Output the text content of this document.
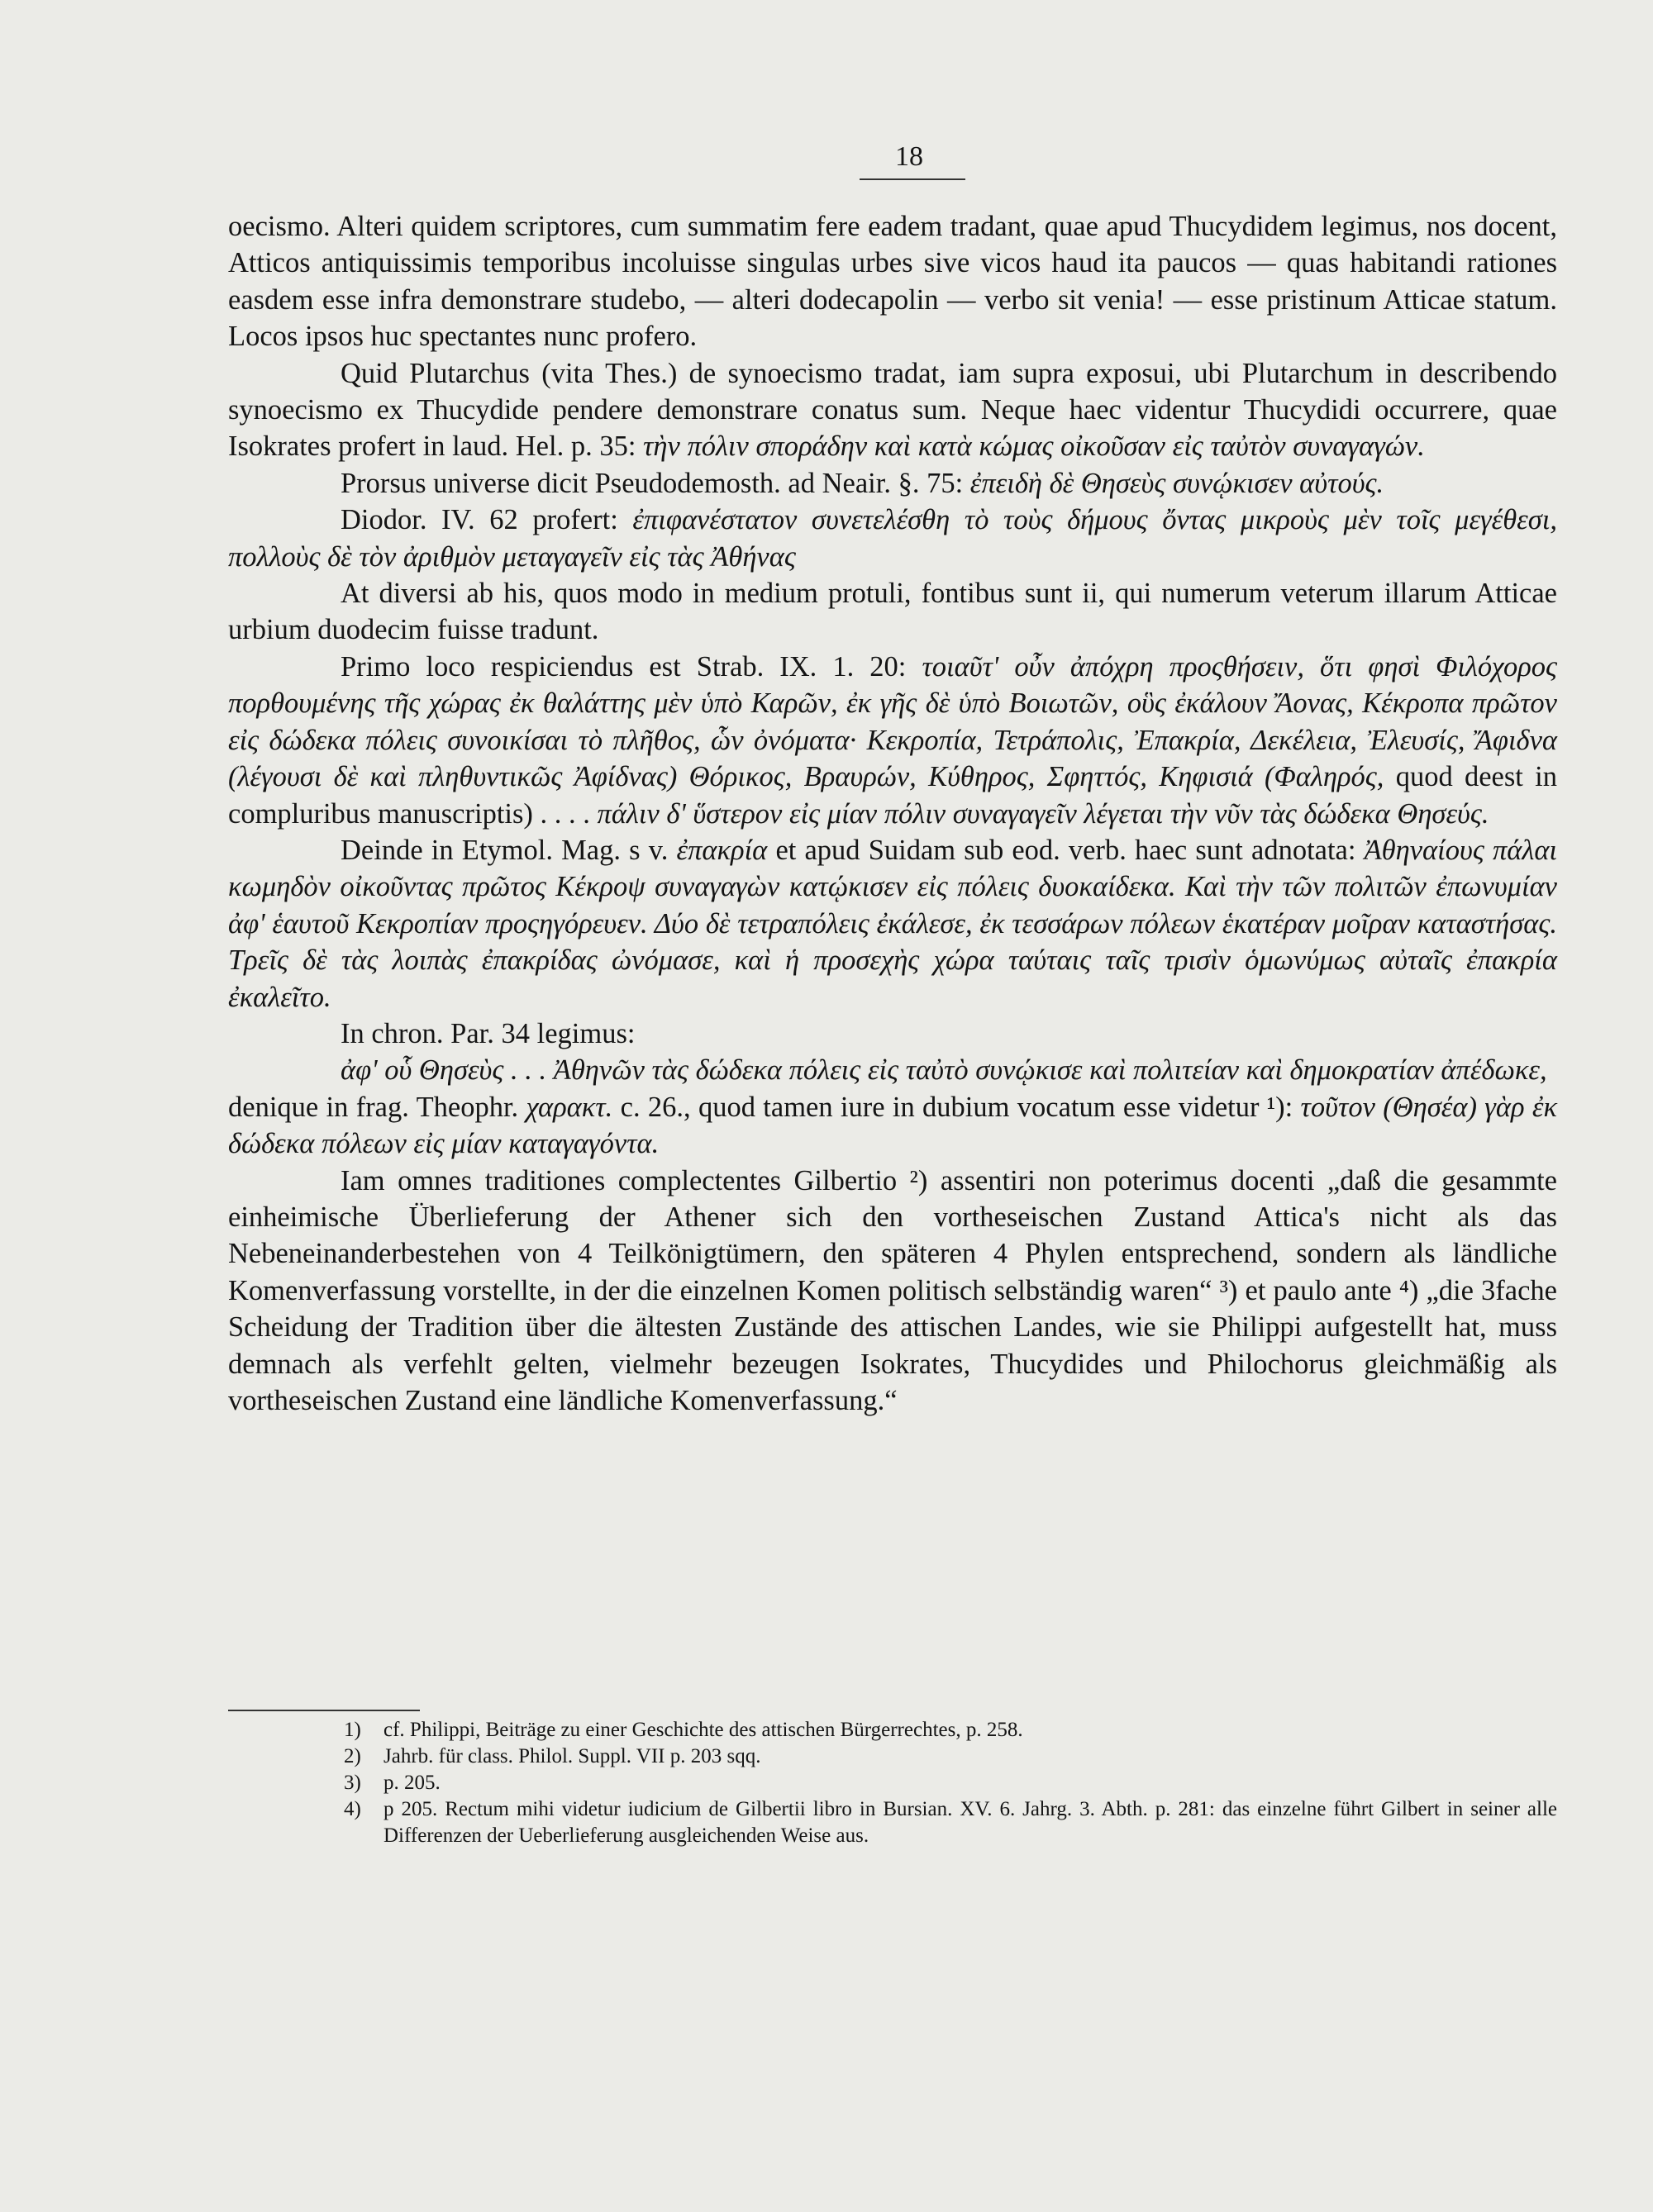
18

oecismo. Alteri quidem scriptores, cum summatim fere eadem tradant, quae apud Thucydidem legimus, nos docent, Atticos antiquissimis temporibus incoluisse singulas urbes sive vicos haud ita paucos — quas habitandi rationes easdem esse infra demonstrare studebo, — alteri dodecapolin — verbo sit venia! — esse pristinum Atticae statum. Locos ipsos huc spectantes nunc profero.

Quid Plutarchus (vita Thes.) de synoecismo tradat, iam supra exposui, ubi Plutarchum in describendo synoecismo ex Thucydide pendere demonstrare conatus sum. Neque haec videntur Thucydidi occurrere, quae Isokrates profert in laud. Hel. p. 35: τὴν πόλιν σποράδην καὶ κατὰ κώμας οἰκοῦσαν εἰς ταὐτὸν συναγαγών.

Prorsus universe dicit Pseudodemosth. ad Neair. §. 75: ἐπειδὴ δὲ Θησεὺς συνῴκισεν αὐτούς.

Diodor. IV. 62 profert: ἐπιφανέστατον συνετελέσθη τὸ τοὺς δήμους ὄντας μικροὺς μὲν τοῖς μεγέθεσι, πολλοὺς δὲ τὸν ἀριθμὸν μεταγαγεῖν εἰς τὰς Ἀθήνας

At diversi ab his, quos modo in medium protuli, fontibus sunt ii, qui numerum veterum illarum Atticae urbium duodecim fuisse tradunt.

Primo loco respiciendus est Strab. IX. 1. 20: τοιαῦτ' οὖν ἀπόχρη προςθήσειν, ὅτι φησὶ Φιλόχορος πορθουμένης τῆς χώρας ἐκ θαλάττης μὲν ὑπὸ Καρῶν, ἐκ γῆς δὲ ὑπὸ Βοιωτῶν, οὓς ἐκάλουν Ἄονας, Κέκροπα πρῶτον εἰς δώδεκα πόλεις συνοικίσαι τὸ πλῆθος, ὧν ὀνόματα· Κεκροπία, Τετράπολις, Ἐπακρία, Δεκέλεια, Ἐλευσίς, Ἄφιδνα (λέγουσι δὲ καὶ πληθυντικῶς Ἀφίδνας) Θόρικος, Βραυρών, Κύθηρος, Σφηττός, Κηφισιά (Φαληρός, quod deest in compluribus manuscriptis) . . . . πάλιν δ' ὕστερον εἰς μίαν πόλιν συναγαγεῖν λέγεται τὴν νῦν τὰς δώδεκα Θησεύς.

Deinde in Etymol. Mag. s v. ἐπακρία et apud Suidam sub eod. verb. haec sunt adnotata: Ἀθηναίους πάλαι κωμηδὸν οἰκοῦντας πρῶτος Κέκροψ συναγαγὼν κατῴκισεν εἰς πόλεις δυοκαίδεκα. Καὶ τὴν τῶν πολιτῶν ἐπωνυμίαν ἀφ' ἑαυτοῦ Κεκροπίαν προςηγόρευεν. Δύο δὲ τετραπόλεις ἐκάλεσε, ἐκ τεσσάρων πόλεων ἑκατέραν μοῖραν καταστήσας. Τρεῖς δὲ τὰς λοιπὰς ἐπακρίδας ὠνόμασε, καὶ ἡ προσεχὴς χώρα ταύταις ταῖς τρισὶν ὁμωνύμως αὐταῖς ἐπακρία ἐκαλεῖτο.

In chron. Par. 34 legimus:

ἀφ' οὗ Θησεὺς . . . Ἀθηνῶν τὰς δώδεκα πόλεις εἰς ταὐτὸ συνῴκισε καὶ πολιτείαν καὶ δημοκρατίαν ἀπέδωκε,

denique in frag. Theophr. χαρακτ. c. 26., quod tamen iure in dubium vocatum esse videtur ¹): τοῦτον (Θησέα) γὰρ ἐκ δώδεκα πόλεων εἰς μίαν καταγαγόντα.

Iam omnes traditiones complectentes Gilbertio ²) assentiri non poterimus docenti „daß die gesammte einheimische Überlieferung der Athener sich den vortheseischen Zustand Attica's nicht als das Nebeneinanderbestehen von 4 Teilkönigtümern, den späteren 4 Phylen entsprechend, sondern als ländliche Komenverfassung vorstellte, in der die einzelnen Komen politisch selbständig waren“ ³) et paulo ante ⁴) „die 3fache Scheidung der Tradition über die ältesten Zustände des attischen Landes, wie sie Philippi aufgestellt hat, muss demnach als verfehlt gelten, vielmehr bezeugen Isokrates, Thucydides und Philochorus gleichmäßig als vortheseischen Zustand eine ländliche Komenverfassung.“

1)	cf. Philippi, Beiträge zu einer Geschichte des attischen Bürgerrechtes, p. 258.
2)	Jahrb. für class. Philol. Suppl. VII p. 203 sqq.
3)	p. 205.
4)	p 205. Rectum mihi videtur iudicium de Gilbertii libro in Bursian. XV. 6. Jahrg. 3. Abth. p. 281: das einzelne führt Gilbert in seiner alle Differenzen der Ueberlieferung ausgleichenden Weise aus.
